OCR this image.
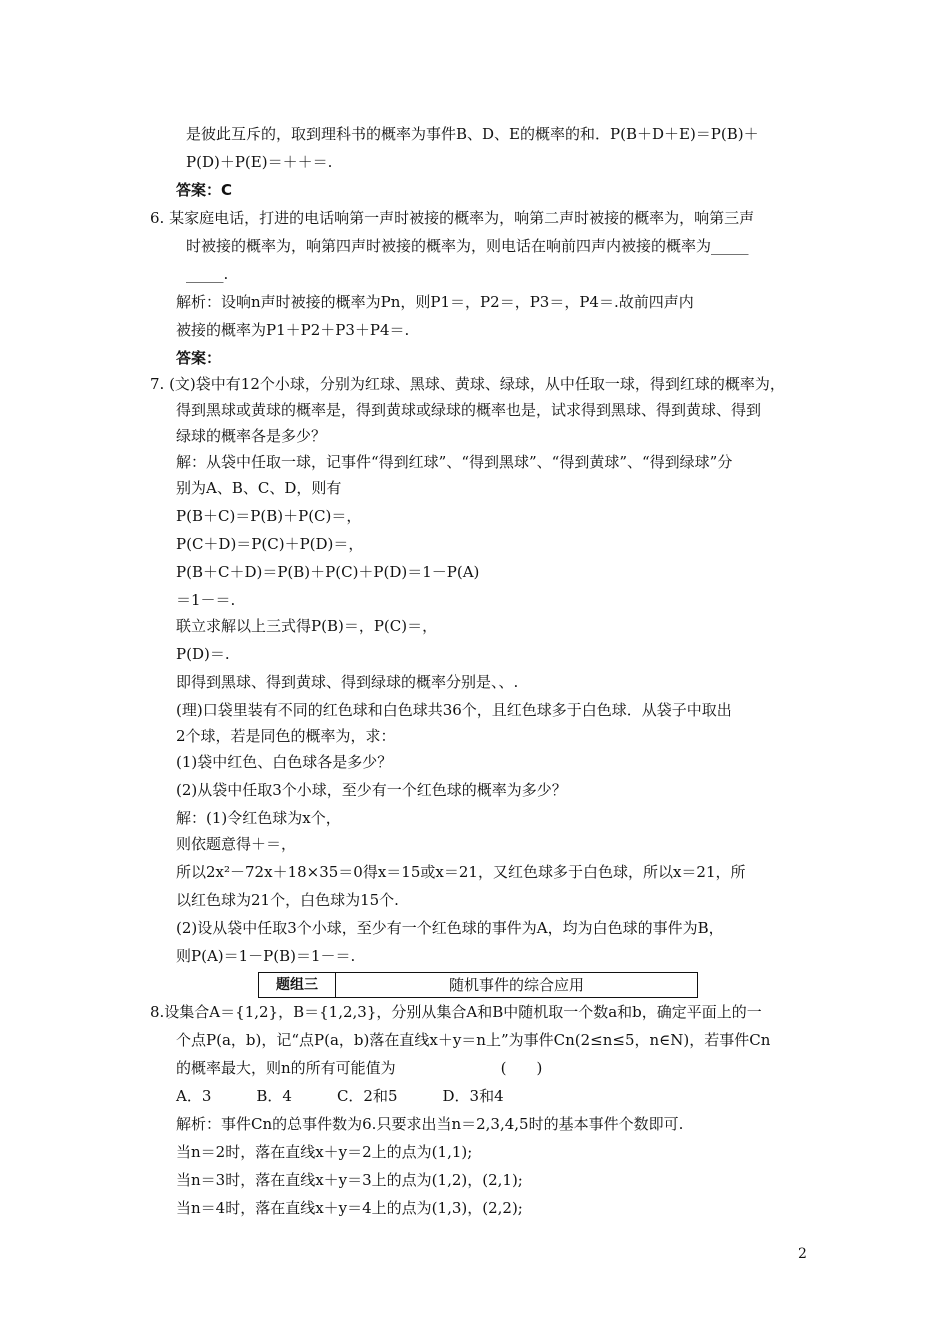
是彼此互斥的，取到理科书的概率为事件B、D、E的概率的和．P(B＋D＋E)＝P(B)＋
P(D)＋P(E)＝＋＋＝.
答案：C
6. 某家庭电话，打进的电话响第一声时被接的概率为，响第二声时被接的概率为，响第三声
时被接的概率为，响第四声时被接的概率为，则电话在响前四声内被接的概率为_____
_____.
解析：设响n声时被接的概率为Pn，则P1＝，P2＝，P3＝，P4＝.故前四声内
被接的概率为P1＋P2＋P3＋P4＝.
答案：
7. (文)袋中有12个小球，分别为红球、黑球、黄球、绿球，从中任取一球，得到红球的概率为，
得到黑球或黄球的概率是，得到黄球或绿球的概率也是，试求得到黑球、得到黄球、得到
绿球的概率各是多少？
解：从袋中任取一球，记事件“得到红球”、“得到黑球”、“得到黄球”、“得到绿球”分
别为A、B、C、D，则有
P(B＋C)＝P(B)＋P(C)＝，
P(C＋D)＝P(C)＋P(D)＝，
P(B＋C＋D)＝P(B)＋P(C)＋P(D)＝1－P(A)
＝1－＝.
联立求解以上三式得P(B)＝，P(C)＝，
P(D)＝.
即得到黑球、得到黄球、得到绿球的概率分别是、、.
(理)口袋里装有不同的红色球和白色球共36个，且红色球多于白色球．从袋子中取出
2个球，若是同色的概率为，求：
(1)袋中红色、白色球各是多少？
(2)从袋中任取3个小球，至少有一个红色球的概率为多少？
解：(1)令红色球为x个，
则依题意得＋＝，
所以2x²－72x＋18×35＝0得x＝15或x＝21，又红色球多于白色球，所以x＝21，所
以红色球为21个，白色球为15个.
(2)设从袋中任取3个小球，至少有一个红色球的事件为A，均为白色球的事件为B，
则P(A)＝1－P(B)＝1－＝.
题组三	随机事件的综合应用
8.设集合A＝{1,2}，B＝{1,2,3}，分别从集合A和B中随机取一个数a和b，确定平面上的一
个点P(a，b)，记“点P(a，b)落在直线x＋y＝n上”为事件Cn(2≤n≤5，n∈N)，若事件Cn
的概率最大，则n的所有可能值为　　　　　　　(　　)
A．3　　　B．4　　　C．2和5　　　D．3和4
解析：事件Cn的总事件数为6.只要求出当n＝2,3,4,5时的基本事件个数即可.
当n＝2时，落在直线x＋y＝2上的点为(1,1);
当n＝3时，落在直线x＋y＝3上的点为(1,2)，(2,1);
当n＝4时，落在直线x＋y＝4上的点为(1,3)，(2,2);
2
